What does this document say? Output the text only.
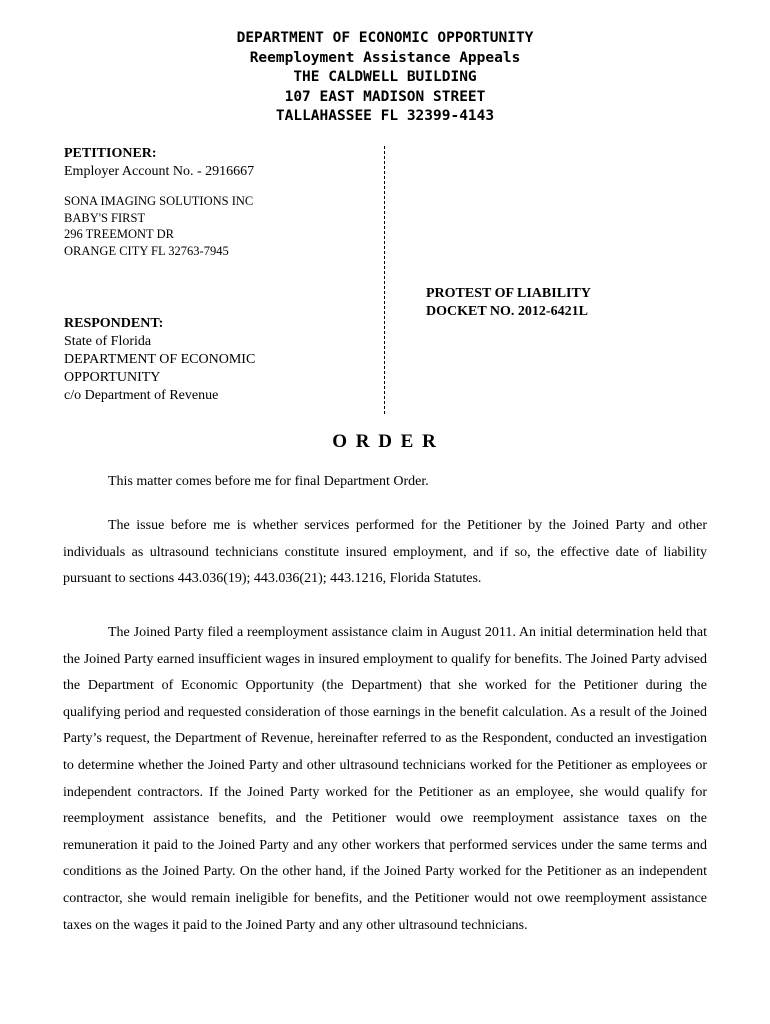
DEPARTMENT OF ECONOMIC OPPORTUNITY
Reemployment Assistance Appeals
THE CALDWELL BUILDING
107 EAST MADISON STREET
TALLAHASSEE FL 32399-4143
PETITIONER:
Employer Account No. - 2916667
SONA IMAGING SOLUTIONS INC
BABY'S FIRST
296 TREEMONT DR
ORANGE CITY FL 32763-7945
RESPONDENT:
State of Florida
DEPARTMENT OF ECONOMIC
OPPORTUNITY
c/o Department of Revenue
PROTEST OF LIABILITY
DOCKET NO. 2012-6421L
O R D E R
This matter comes before me for final Department Order.

The issue before me is whether services performed for the Petitioner by the Joined Party and other individuals as ultrasound technicians constitute insured employment, and if so, the effective date of liability pursuant to sections 443.036(19); 443.036(21); 443.1216, Florida Statutes.

The Joined Party filed a reemployment assistance claim in August 2011. An initial determination held that the Joined Party earned insufficient wages in insured employment to qualify for benefits. The Joined Party advised the Department of Economic Opportunity (the Department) that she worked for the Petitioner during the qualifying period and requested consideration of those earnings in the benefit calculation. As a result of the Joined Party’s request, the Department of Revenue, hereinafter referred to as the Respondent, conducted an investigation to determine whether the Joined Party and other ultrasound technicians worked for the Petitioner as employees or independent contractors. If the Joined Party worked for the Petitioner as an employee, she would qualify for reemployment assistance benefits, and the Petitioner would owe reemployment assistance taxes on the remuneration it paid to the Joined Party and any other workers that performed services under the same terms and conditions as the Joined Party. On the other hand, if the Joined Party worked for the Petitioner as an independent contractor, she would remain ineligible for benefits, and the Petitioner would not owe reemployment assistance taxes on the wages it paid to the Joined Party and any other ultrasound technicians.
